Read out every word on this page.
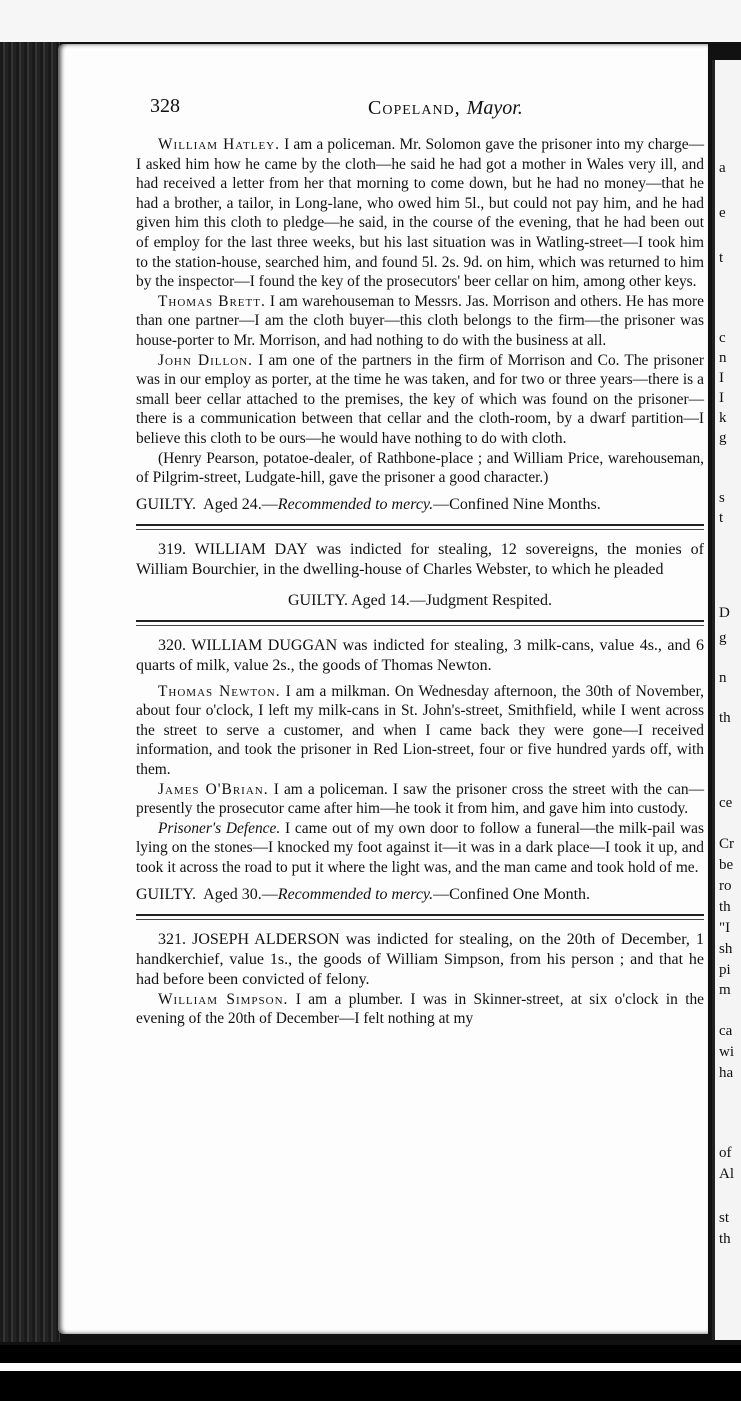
a
e
t
c
n
I
I
k
g
s
t
D
g
n
th
ce
Cr
be
ro
th
"I
sh
pi
m
ca
wi
ha
of
Al
st
th
328	Copeland, Mayor.

William Hatley. I am a policeman. Mr. Solomon gave the prisoner into my charge—I asked him how he came by the cloth—he said he had got a mother in Wales very ill, and had received a letter from her that morning to come down, but he had no money—that he had a brother, a tailor, in Long-lane, who owed him 5l., but could not pay him, and he had given him this cloth to pledge—he said, in the course of the evening, that he had been out of employ for the last three weeks, but his last situation was in Watling-street—I took him to the station-house, searched him, and found 5l. 2s. 9d. on him, which was returned to him by the inspector—I found the key of the prosecutors' beer cellar on him, among other keys.

Thomas Brett. I am warehouseman to Messrs. Jas. Morrison and others. He has more than one partner—I am the cloth buyer—this cloth belongs to the firm—the prisoner was house-porter to Mr. Morrison, and had nothing to do with the business at all.

John Dillon. I am one of the partners in the firm of Morrison and Co. The prisoner was in our employ as porter, at the time he was taken, and for two or three years—there is a small beer cellar attached to the premises, the key of which was found on the prisoner—there is a communication between that cellar and the cloth-room, by a dwarf partition—I believe this cloth to be ours—he would have nothing to do with cloth.

(Henry Pearson, potatoe-dealer, of Rathbone-place ; and William Price, warehouseman, of Pilgrim-street, Ludgate-hill, gave the prisoner a good character.)

GUILTY. Aged 24.—Recommended to mercy.—Confined Nine Months.

319. WILLIAM DAY was indicted for stealing, 12 sovereigns, the monies of William Bourchier, in the dwelling-house of Charles Webster, to which he pleaded

GUILTY. Aged 14.—Judgment Respited.

320. WILLIAM DUGGAN was indicted for stealing, 3 milk-cans, value 4s., and 6 quarts of milk, value 2s., the goods of Thomas Newton.

Thomas Newton. I am a milkman. On Wednesday afternoon, the 30th of November, about four o'clock, I left my milk-cans in St. John's-street, Smithfield, while I went across the street to serve a customer, and when I came back they were gone—I received information, and took the prisoner in Red Lion-street, four or five hundred yards off, with them.

James O'Brian. I am a policeman. I saw the prisoner cross the street with the can—presently the prosecutor came after him—he took it from him, and gave him into custody.

Prisoner's Defence. I came out of my own door to follow a funeral—the milk-pail was lying on the stones—I knocked my foot against it—it was in a dark place—I took it up, and took it across the road to put it where the light was, and the man came and took hold of me.

GUILTY. Aged 30.—Recommended to mercy.—Confined One Month.

321. JOSEPH ALDERSON was indicted for stealing, on the 20th of December, 1 handkerchief, value 1s., the goods of William Simpson, from his person ; and that he had before been convicted of felony.

William Simpson. I am a plumber. I was in Skinner-street, at six o'clock in the evening of the 20th of December—I felt nothing at my
